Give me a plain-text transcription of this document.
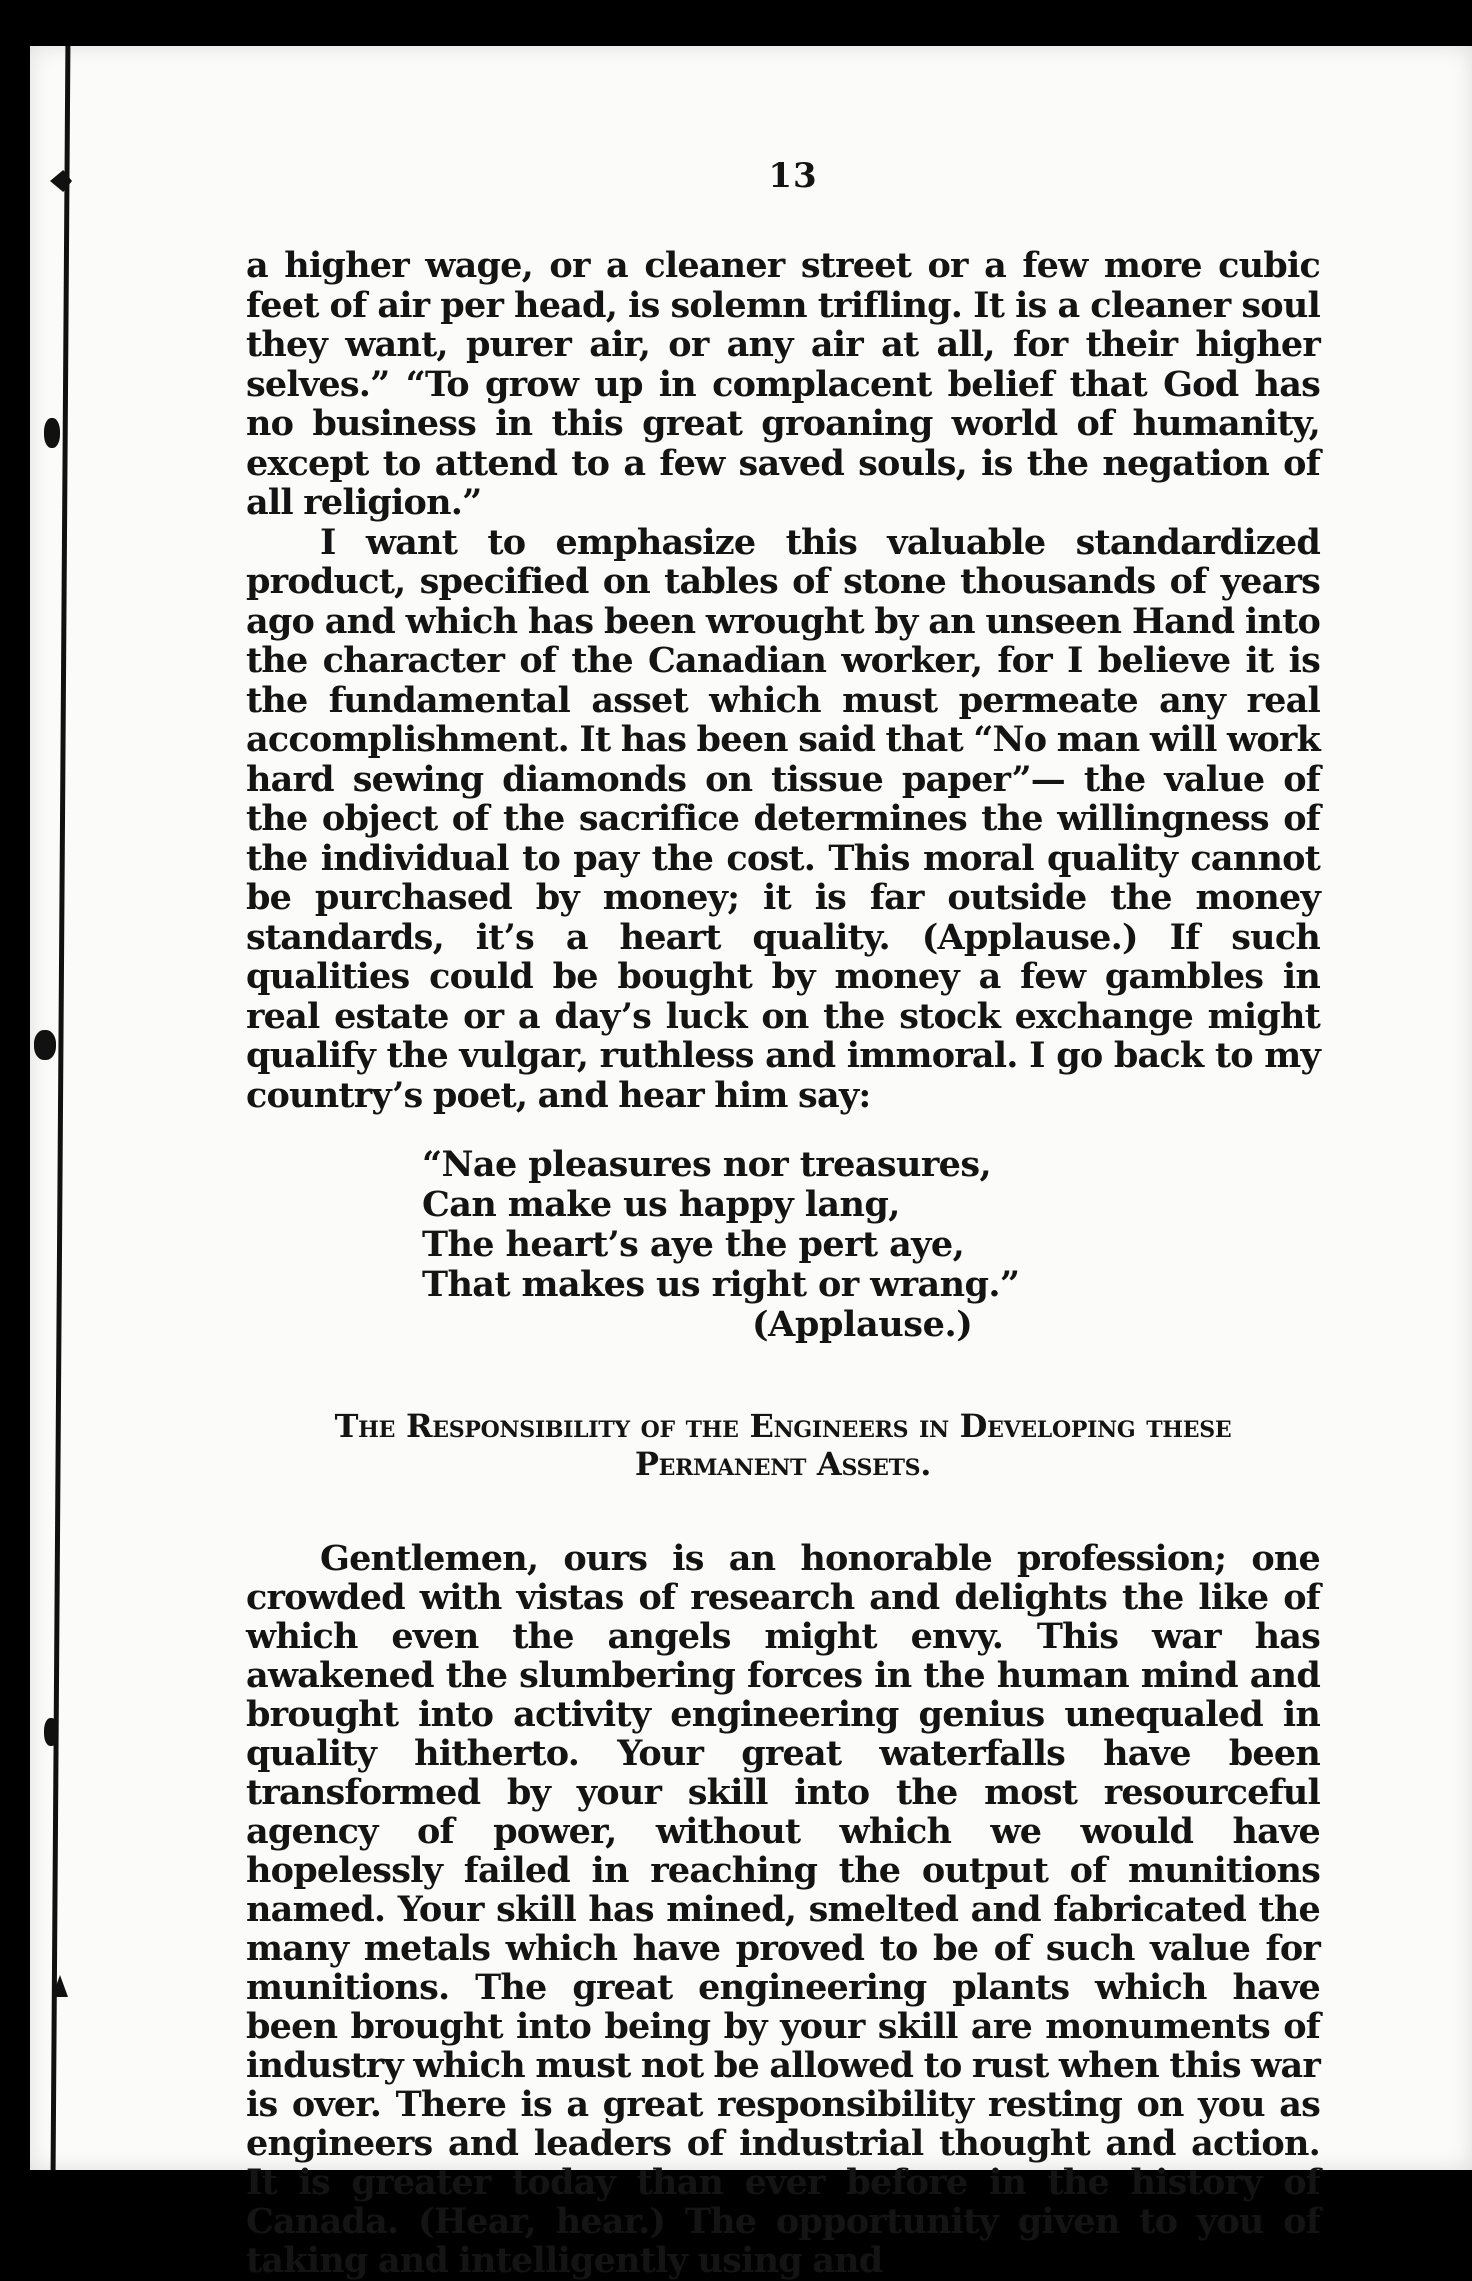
13

a higher wage, or a cleaner street or a few more cubic feet of air per head, is solemn trifling. It is a cleaner soul they want, purer air, or any air at all, for their higher selves.” “To grow up in complacent belief that God has no business in this great groaning world of humanity, except to attend to a few saved souls, is the negation of all religion.”

I want to emphasize this valuable standardized product, specified on tables of stone thousands of years ago and which has been wrought by an unseen Hand into the character of the Canadian worker, for I believe it is the fundamental asset which must permeate any real accomplishment. It has been said that “No man will work hard sewing diamonds on tissue paper”— the value of the object of the sacrifice determines the willingness of the individual to pay the cost. This moral quality cannot be purchased by money; it is far outside the money standards, it’s a heart quality. (Applause.) If such qualities could be bought by money a few gambles in real estate or a day’s luck on the stock exchange might qualify the vulgar, ruthless and immoral. I go back to my country’s poet, and hear him say:

“Nae pleasures nor treasures,
Can make us happy lang,
The heart’s aye the pert aye,
That makes us right or wrang.”
(Applause.)
The Responsibility of the Engineers in Developing these
Permanent Assets.

Gentlemen, ours is an honorable profession; one crowded with vistas of research and delights the like of which even the angels might envy. This war has awakened the slumbering forces in the human mind and brought into activity engineering genius unequaled in quality hitherto. Your great waterfalls have been transformed by your skill into the most resourceful agency of power, without which we would have hopelessly failed in reaching the output of munitions named. Your skill has mined, smelted and fabricated the many metals which have proved to be of such value for munitions. The great engineering plants which have been brought into being by your skill are monuments of industry which must not be allowed to rust when this war is over. There is a great responsibility resting on you as engineers and leaders of industrial thought and action. It is greater today than ever before in the history of Canada. (Hear, hear.) The opportunity given to you of taking and intelligently using and
